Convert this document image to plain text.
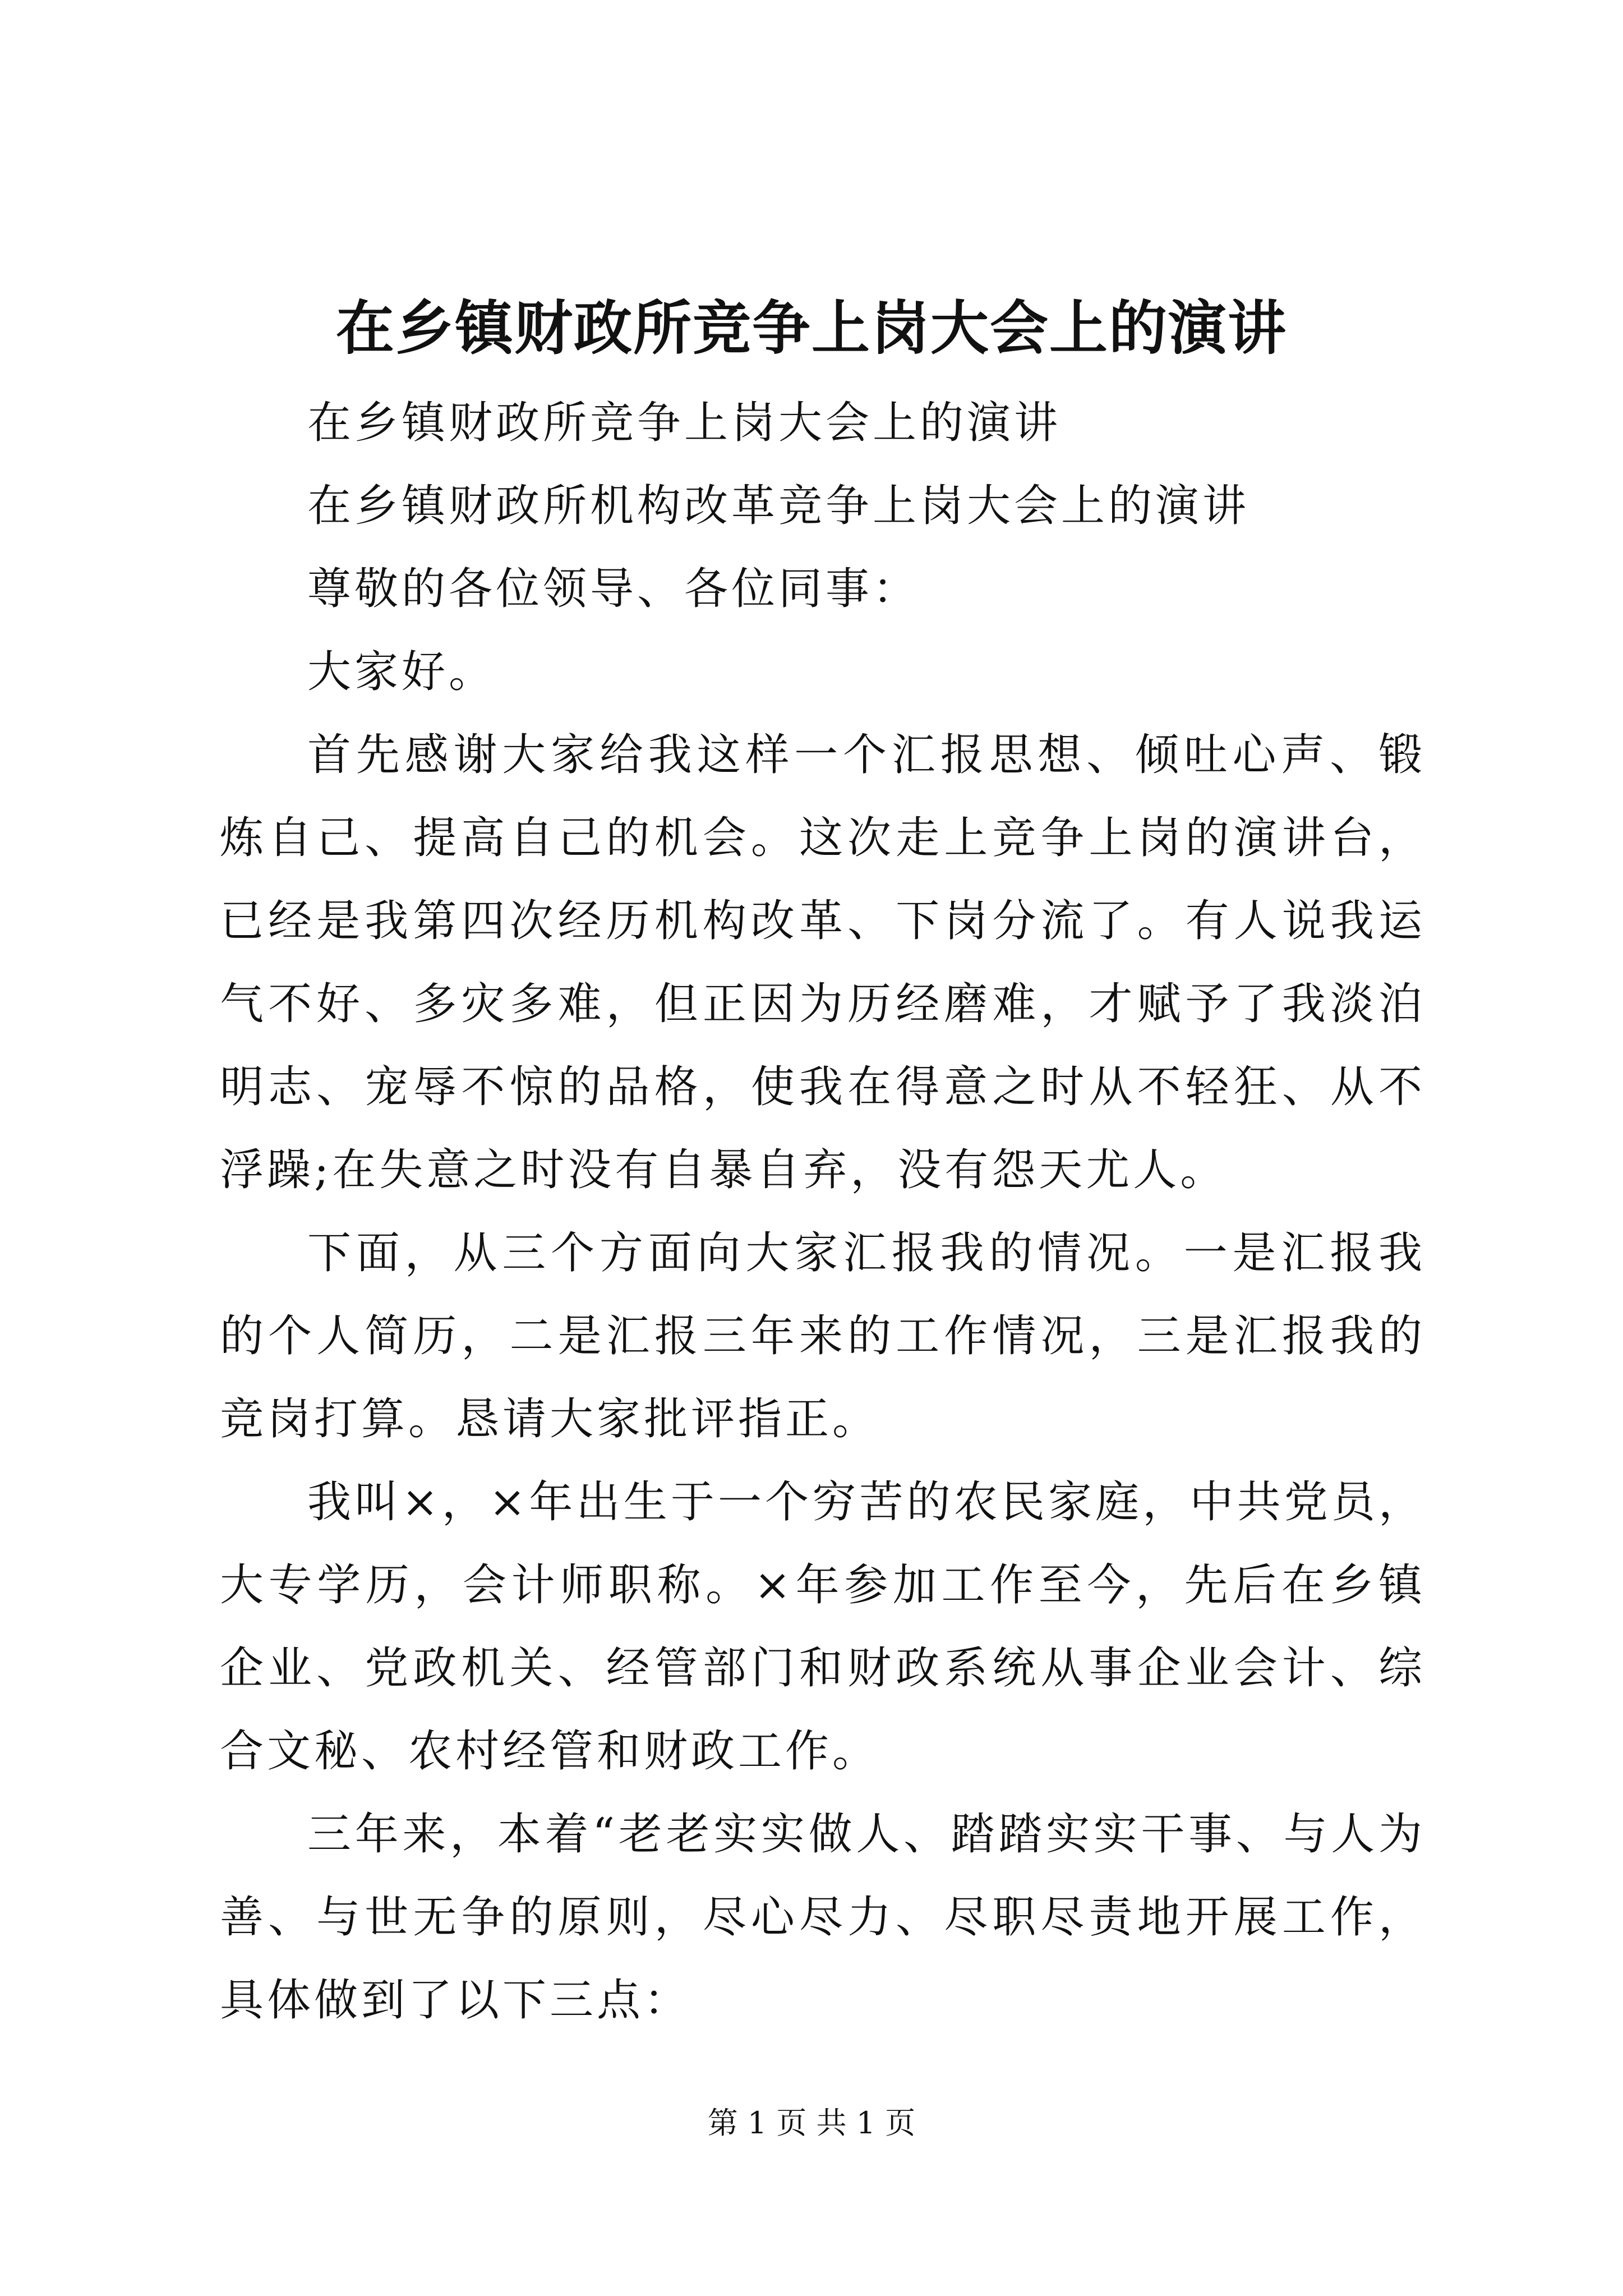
在乡镇财政所竞争上岗大会上的演讲

在乡镇财政所竞争上岗大会上的演讲

在乡镇财政所机构改革竞争上岗大会上的演讲

尊敬的各位领导、各位同事：

大家好。

首先感谢大家给我这样一个汇报思想、倾吐心声、锻炼自己、提高自己的机会。这次走上竞争上岗的演讲台，已经是我第四次经历机构改革、下岗分流了。有人说我运气不好、多灾多难，但正因为历经磨难，才赋予了我淡泊明志、宠辱不惊的品格，使我在得意之时从不轻狂、从不浮躁;在失意之时没有自暴自弃，没有怨天尤人。

下面，从三个方面向大家汇报我的情况。一是汇报我的个人简历，二是汇报三年来的工作情况，三是汇报我的竞岗打算。恳请大家批评指正。

我叫×，×年出生于一个穷苦的农民家庭，中共党员，大专学历，会计师职称。×年参加工作至今，先后在乡镇企业、党政机关、经管部门和财政系统从事企业会计、综合文秘、农村经管和财政工作。

三年来，本着“老老实实做人、踏踏实实干事、与人为善、与世无争的原则，尽心尽力、尽职尽责地开展工作，具体做到了以下三点：

第 1 页 共 1 页
